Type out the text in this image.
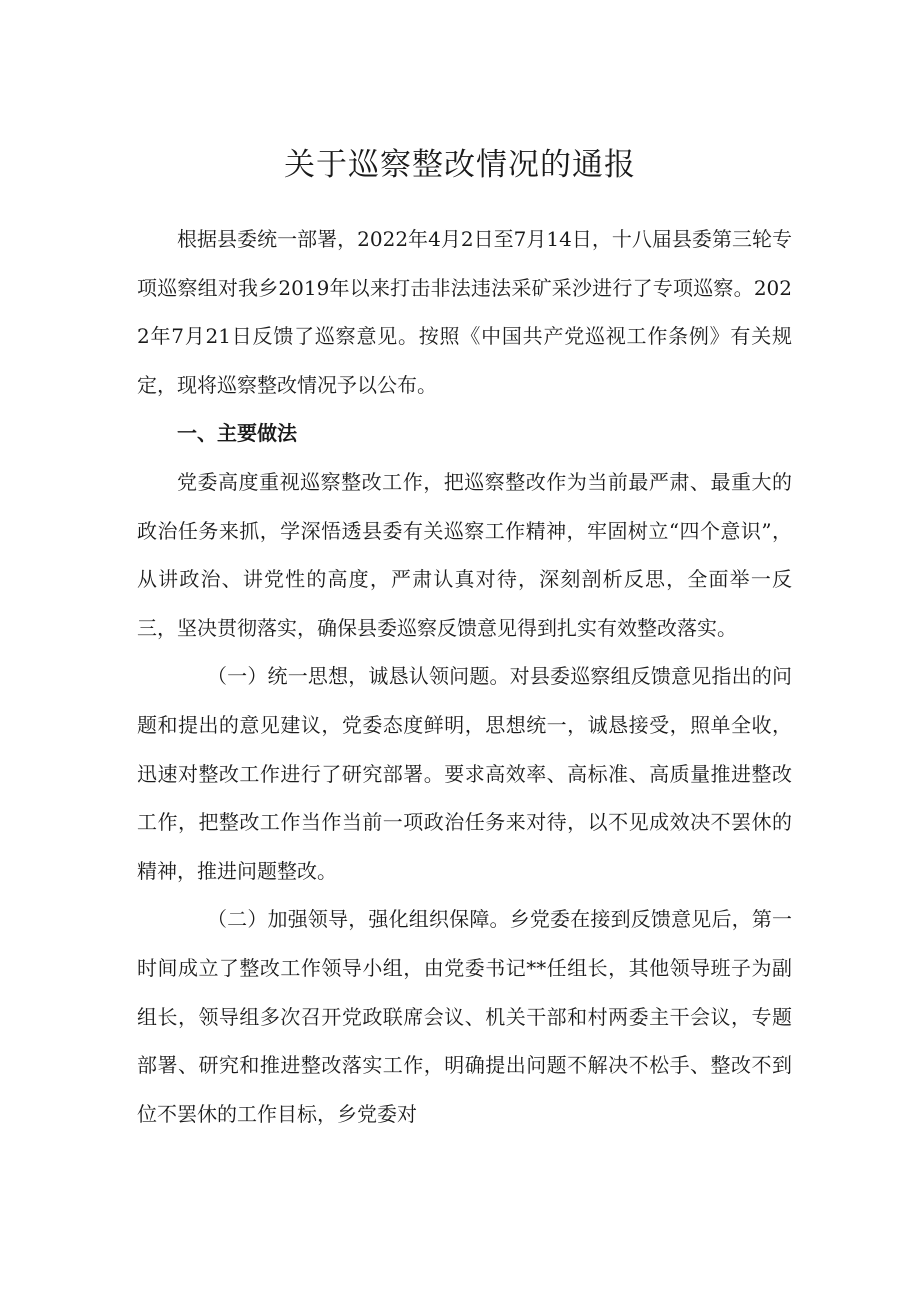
关于巡察整改情况的通报

根据县委统一部署，2022年4月2日至7月14日，十八届县委第三轮专项巡察组对我乡2019年以来打击非法违法采矿采沙进行了专项巡察。2022年7月21日反馈了巡察意见。按照《中国共产党巡视工作条例》有关规定，现将巡察整改情况予以公布。

一、主要做法

党委高度重视巡察整改工作，把巡察整改作为当前最严肃、最重大的政治任务来抓，学深悟透县委有关巡察工作精神，牢固树立“四个意识”，从讲政治、讲党性的高度，严肃认真对待，深刻剖析反思，全面举一反三，坚决贯彻落实，确保县委巡察反馈意见得到扎实有效整改落实。

（一）统一思想，诚恳认领问题。对县委巡察组反馈意见指出的问题和提出的意见建议，党委态度鲜明，思想统一，诚恳接受，照单全收，迅速对整改工作进行了研究部署。要求高效率、高标准、高质量推进整改工作，把整改工作当作当前一项政治任务来对待，以不见成效决不罢休的精神，推进问题整改。

（二）加强领导，强化组织保障。乡党委在接到反馈意见后，第一时间成立了整改工作领导小组，由党委书记**任组长，其他领导班子为副组长，领导组多次召开党政联席会议、机关干部和村两委主干会议，专题部署、研究和推进整改落实工作，明确提出问题不解决不松手、整改不到位不罢休的工作目标，乡党委对
